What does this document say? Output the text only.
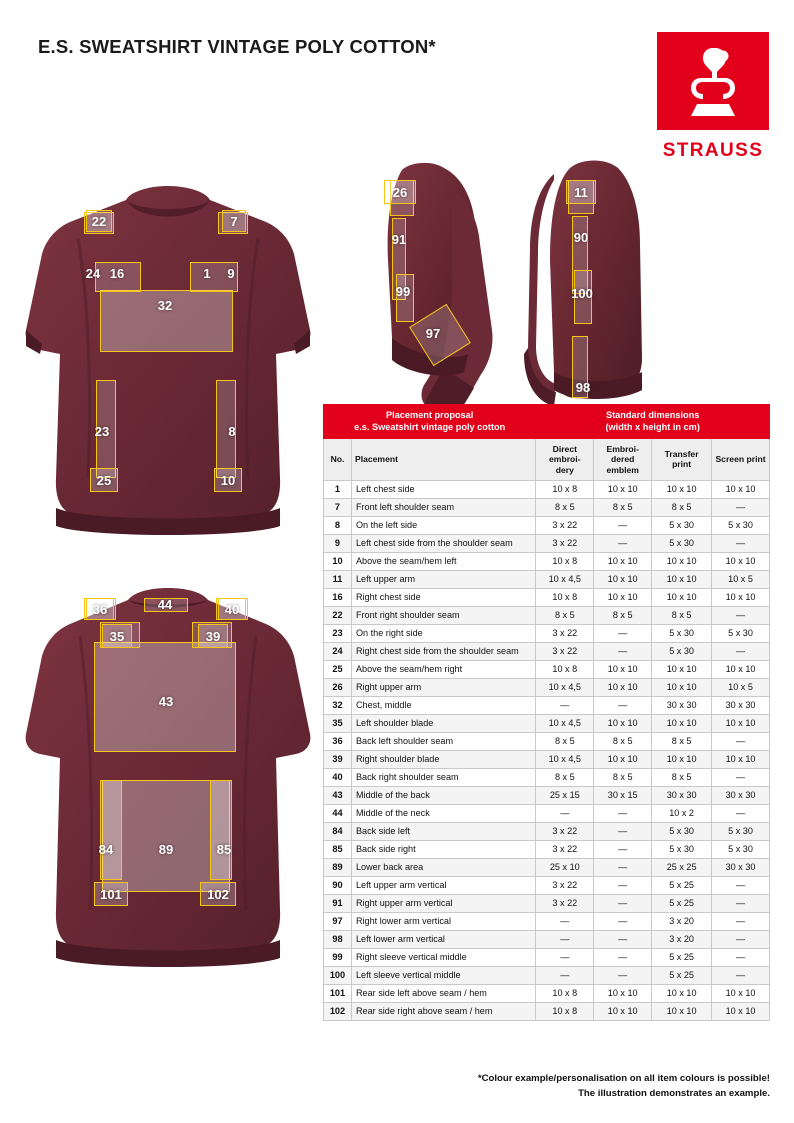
E.S. SWEATSHIRT VINTAGE POLY COTTON*
STRAUSS
22	7
24 16	1	9
32
23	8
25	10
36	44	40
35	39
43
84	89	85
101	102
26
91
99
97
11
90
100
98
Placement proposal
e.s. Sweatshirt vintage poly cotton

Standard dimensions
(width x height in cm)

No.	Placement	
Direct embroi-
dery

Embroi-
dered emblem
	Transfer print	Screen print
1	Left chest side	10 x 8	10 x 10	10 x 10	10 x 10
7	Front left shoulder seam	8 x 5	8 x 5	8 x 5	—
8	On the left side	3 x 22	—	5 x 30	5 x 30
9	Left chest side from the shoulder seam	3 x 22	—	5 x 30	—
10	Above the seam/hem left	10 x 8	10 x 10	10 x 10	10 x 10
11	Left upper arm	10 x 4,5	10 x 10	10 x 10	10 x 5
16	Right chest side	10 x 8	10 x 10	10 x 10	10 x 10
22	Front right shoulder seam	8 x 5	8 x 5	8 x 5	—
23	On the right side	3 x 22	—	5 x 30	5 x 30
24	Right chest side from the shoulder seam	3 x 22	—	5 x 30	—
25	Above the seam/hem right	10 x 8	10 x 10	10 x 10	10 x 10
26	Right upper arm	10 x 4,5	10 x 10	10 x 10	10 x 5
32	Chest, middle	—	—	30 x 30	30 x 30
35	Left shoulder blade	10 x 4,5	10 x 10	10 x 10	10 x 10
36	Back left shoulder seam	8 x 5	8 x 5	8 x 5	—
39	Right shoulder blade	10 x 4,5	10 x 10	10 x 10	10 x 10
40	Back right shoulder seam	8 x 5	8 x 5	8 x 5	—
43	Middle of the back	25 x 15	30 x 15	30 x 30	30 x 30
44	Middle of the neck	—	—	10 x 2	—
84	Back side left	3 x 22	—	5 x 30	5 x 30
85	Back side right	3 x 22	—	5 x 30	5 x 30
89	Lower back area	25 x 10	—	25 x 25	30 x 30
90	Left upper arm vertical	3 x 22	—	5 x 25	—
91	Right upper arm vertical	3 x 22	—	5 x 25	—
97	Right lower arm vertical	—	—	3 x 20	—
98	Left lower arm vertical	—	—	3 x 20	—
99	Right sleeve vertical middle	—	—	5 x 25	—
100	Left sleeve vertical middle	—	—	5 x 25	—
101	Rear side left above seam / hem	10 x 8	10 x 10	10 x 10	10 x 10
102	Rear side right above seam / hem	10 x 8	10 x 10	10 x 10	10 x 10
*Colour example/personalisation on all item colours is possible!
The illustration demonstrates an example.
